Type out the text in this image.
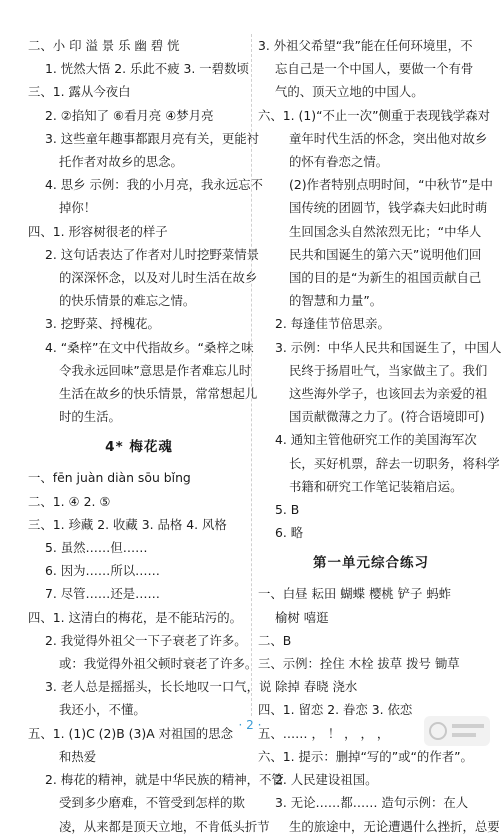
二、小 印 溢 景 乐 幽 碧 恍
1. 恍然大悟 2. 乐此不疲 3. 一碧数顷
三、1. 露从今夜白
2. ②掐知了 ⑥看月亮 ④梦月亮
3. 这些童年趣事都跟月亮有关，更能衬
托作者对故乡的思念。
4. 思乡 示例：我的小月亮，我永远忘不
掉你！
四、1. 形容树很老的样子
2. 这句话表达了作者对儿时挖野菜情景
的深深怀念，以及对儿时生活在故乡
的快乐情景的难忘之情。
3. 挖野菜、捋槐花。
4. “桑梓”在文中代指故乡。“桑梓之味
令我永远回味”意思是作者难忘儿时
生活在故乡的快乐情景，常常想起儿
时的生活。
4* 梅花魂
一、fēn juàn diàn sōu bǐng
二、1. ④ 2. ⑤
三、1. 珍藏 2. 收藏 3. 品格 4. 风格
5. 虽然……但……
6. 因为……所以……
7. 尽管……还是……
四、1. 这清白的梅花，是不能玷污的。
2. 我觉得外祖父一下子衰老了许多。
或：我觉得外祖父顿时衰老了许多。
3. 老人总是摇摇头，长长地叹一口气，说
我还小，不懂。
五、1. (1)C (2)B (3)A 对祖国的思念
和热爱
2. 梅花的精神，就是中华民族的精神，不管
受到多少磨难，不管受到怎样的欺
凌，从来都是顶天立地，不肯低头折节
3. 外祖父希望“我”能在任何环境里，不
忘自己是一个中国人，要做一个有骨
气的、顶天立地的中国人。
六、1. (1)“不止一次”侧重于表现钱学森对
童年时代生活的怀念，突出他对故乡
的怀有眷恋之情。
(2)作者特别点明时间，“中秋节”是中
国传统的团圆节，钱学森夫妇此时萌
生回国念头自然浓烈无比；“中华人
民共和国诞生的第六天”说明他们回
国的目的是“为新生的祖国贡献自己
的智慧和力量”。
2. 每逢佳节倍思亲。
3. 示例：中华人民共和国诞生了，中国人
民终于扬眉吐气，当家做主了。我们
这些海外学子，也该回去为亲爱的祖
国贡献微薄之力了。(符合语境即可)
4. 通知主管他研究工作的美国海军次
长，买好机票，辞去一切职务，将科学
书籍和研究工作笔记装箱启运。
5. B
6. 略
第一单元综合练习
一、白昼 耘田 蝴蝶 樱桃 铲子 蚂蚱
榆树 嘻逛
二、B
三、示例：拴住 木栓 拔草 拨号 锄草
除掉 春晓 浇水
四、1. 留恋 2. 眷恋 3. 依恋
五、…… ， ！ ， ， ，
六、1. 提示：删掉“写的”或“的作者”。
2. 人民建设祖国。
3. 无论……都…… 造句示例：在人
生的旅途中，无论遭遇什么挫折，总要
· 2 ·
